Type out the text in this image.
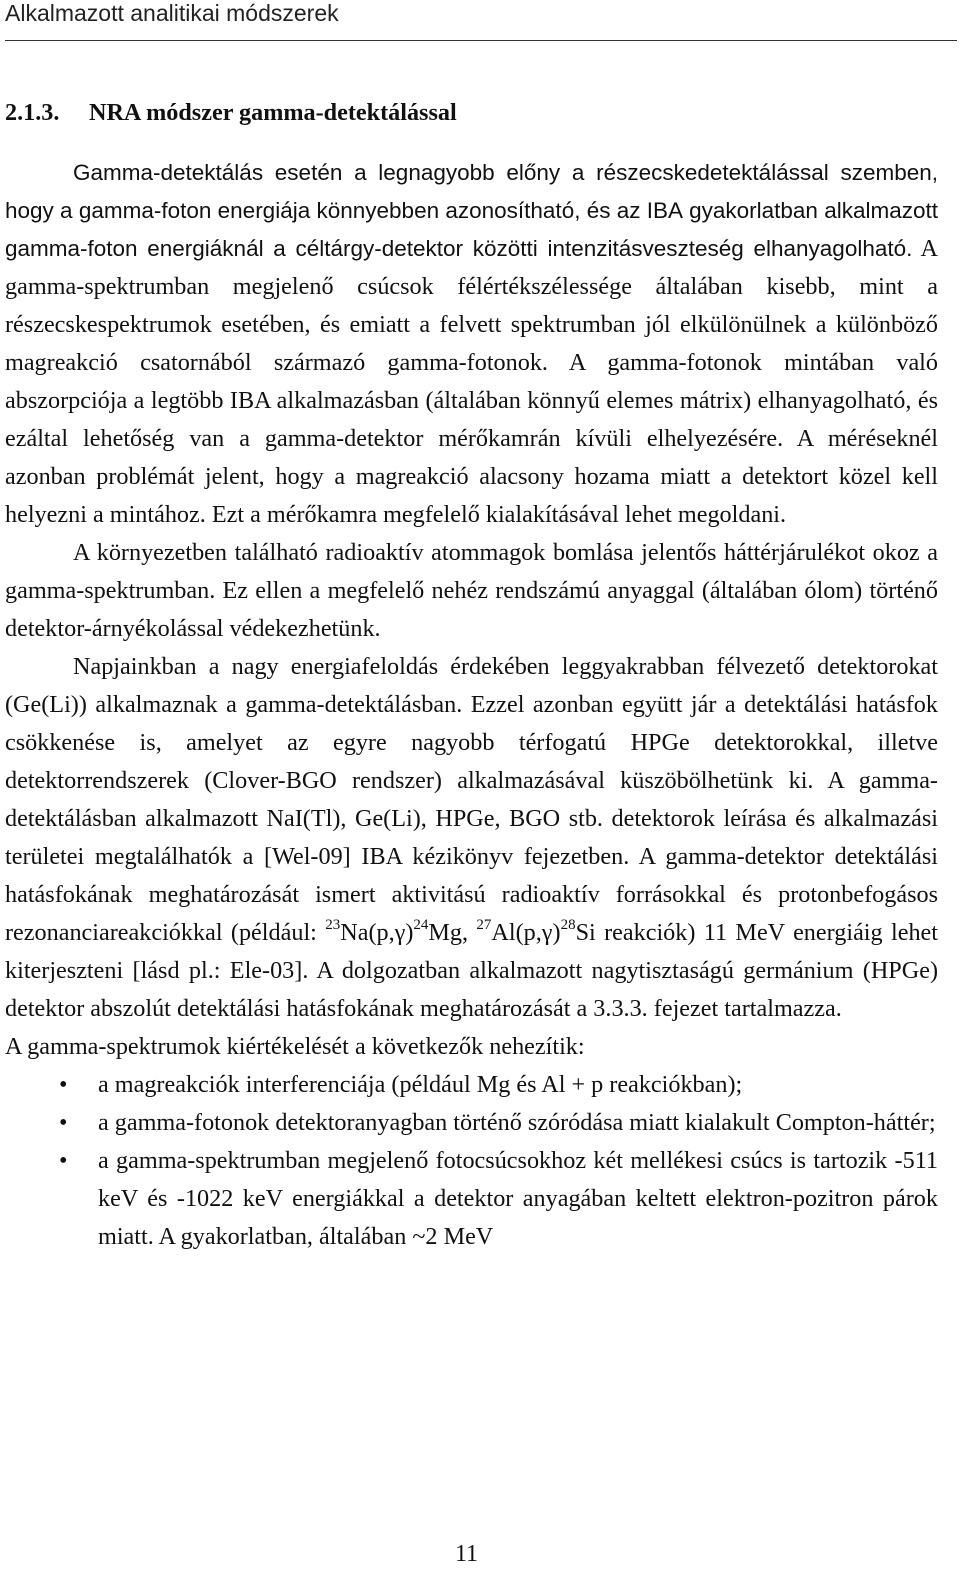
Alkalmazott analitikai módszerek
2.1.3. NRA módszer gamma-detektálással

Gamma-detektálás esetén a legnagyobb előny a részecskedetektálással szemben, hogy a gamma-foton energiája könnyebben azonosítható, és az IBA gyakorlatban alkalmazott gamma-foton energiáknál a céltárgy-detektor közötti intenzitásveszteség elhanyagolható. A gamma-spektrumban megjelenő csúcsok félértékszélessége általában kisebb, mint a részecskespektrumok esetében, és emiatt a felvett spektrumban jól elkülönülnek a különböző magreakció csatornából származó gamma-fotonok. A gamma-fotonok mintában való abszorpciója a legtöbb IBA alkalmazásban (általában könnyű elemes mátrix) elhanyagolható, és ezáltal lehetőség van a gamma-detektor mérőkamrán kívüli elhelyezésére. A méréseknél azonban problémát jelent, hogy a magreakció alacsony hozama miatt a detektort közel kell helyezni a mintához. Ezt a mérőkamra megfelelő kialakításával lehet megoldani.

A környezetben található radioaktív atommagok bomlása jelentős háttérjárulékot okoz a gamma-spektrumban. Ez ellen a megfelelő nehéz rendszámú anyaggal (általában ólom) történő detektor-árnyékolással védekezhetünk.

Napjainkban a nagy energiafeloldás érdekében leggyakrabban félvezető detektorokat (Ge(Li)) alkalmaznak a gamma-detektálásban. Ezzel azonban együtt jár a detektálási hatásfok csökkenése is, amelyet az egyre nagyobb térfogatú HPGe detektorokkal, illetve detektorrendszerek (Clover-BGO rendszer) alkalmazásával küszöbölhetünk ki. A gamma-detektálásban alkalmazott NaI(Tl), Ge(Li), HPGe, BGO stb. detektorok leírása és alkalmazási területei megtalálhatók a [Wel-09] IBA kézikönyv fejezetben. A gamma-detektor detektálási hatásfokának meghatározását ismert aktivitású radioaktív forrásokkal és protonbefogásos rezonanciareakciókkal (például: $^{23}Na(p,\gamma)^{24}Mg$, $^{27}Al(p,\gamma)^{28}Si$ reakciók) 11 MeV energiáig lehet kiterjeszteni [lásd pl.: Ele-03]. A dolgozatban alkalmazott nagytisztaságú germánium (HPGe) detektor abszolút detektálási hatásfokának meghatározását a 3.3.3. fejezet tartalmazza.

A gamma-spektrumok kiértékelését a következők nehezítik:

• a magreakciók interferenciája (például Mg és Al + p reakciókban);
• a gamma-fotonok detektoranyagban történő szóródása miatt kialakult Compton-háttér;
• a gamma-spektrumban megjelenő fotocsúcsokhoz két mellékesi csúcs is tartozik -511 keV és -1022 keV energiákkal a detektor anyagában keltett elektron-pozitron párok miatt. A gyakorlatban, általában ~2 MeV
11
